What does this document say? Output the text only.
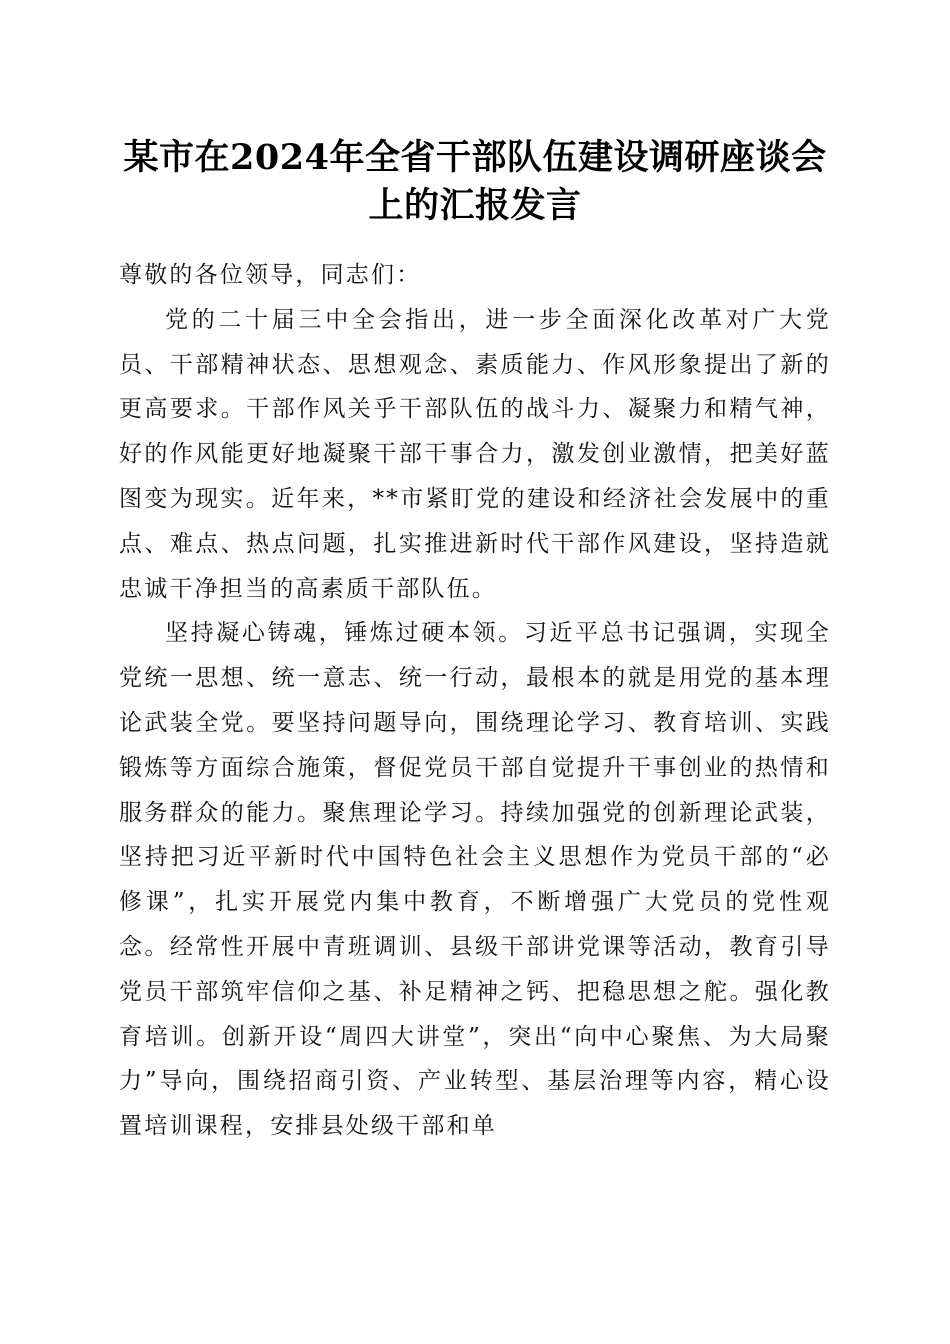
某市在2024年全省干部队伍建设调研座谈会
上的汇报发言

尊敬的各位领导，同志们：

党的二十届三中全会指出，进一步全面深化改革对广大党员、干部精神状态、思想观念、素质能力、作风形象提出了新的更高要求。干部作风关乎干部队伍的战斗力、凝聚力和精气神，好的作风能更好地凝聚干部干事合力，激发创业激情，把美好蓝图变为现实。近年来，**市紧盯党的建设和经济社会发展中的重点、难点、热点问题，扎实推进新时代干部作风建设，坚持造就忠诚干净担当的高素质干部队伍。

坚持凝心铸魂，锤炼过硬本领。习近平总书记强调，实现全党统一思想、统一意志、统一行动，最根本的就是用党的基本理论武装全党。要坚持问题导向，围绕理论学习、教育培训、实践锻炼等方面综合施策，督促党员干部自觉提升干事创业的热情和服务群众的能力。聚焦理论学习。持续加强党的创新理论武装，坚持把习近平新时代中国特色社会主义思想作为党员干部的“必修课”，扎实开展党内集中教育，不断增强广大党员的党性观念。经常性开展中青班调训、县级干部讲党课等活动，教育引导党员干部筑牢信仰之基、补足精神之钙、把稳思想之舵。强化教育培训。创新开设“周四大讲堂”，突出“向中心聚焦、为大局聚力”导向，围绕招商引资、产业转型、基层治理等内容，精心设置培训课程，安排县处级干部和单
